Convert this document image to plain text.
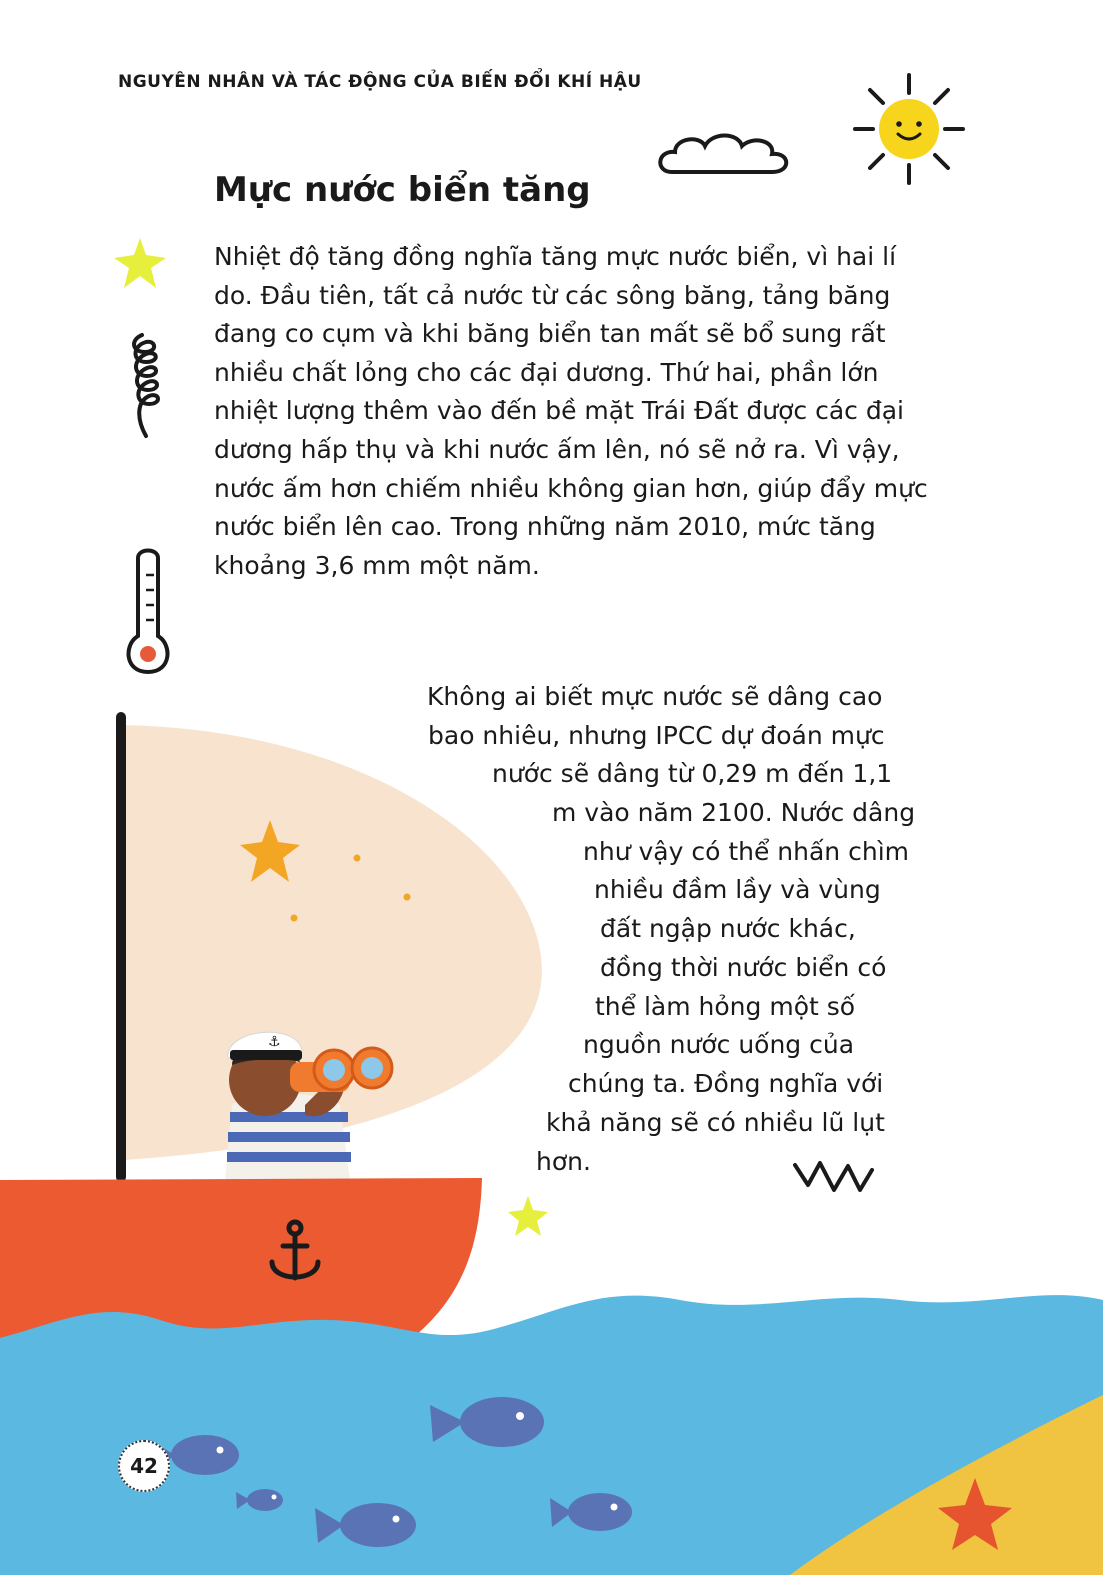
⚓
NGUYÊN NHÂN VÀ TÁC ĐỘNG CỦA BIẾN ĐỔI KHÍ HẬU
Mực nước biển tăng
Nhiệt độ tăng đồng nghĩa tăng mực nước biển, vì hai lí
do. Đầu tiên, tất cả nước từ các sông băng, tảng băng
đang co cụm và khi băng biển tan mất sẽ bổ sung rất
nhiều chất lỏng cho các đại dương. Thứ hai, phần lớn
nhiệt lượng thêm vào đến bề mặt Trái Đất được các đại
dương hấp thụ và khi nước ấm lên, nó sẽ nở ra. Vì vậy,
nước ấm hơn chiếm nhiều không gian hơn, giúp đẩy mực
nước biển lên cao. Trong những năm 2010, mức tăng
khoảng 3,6 mm một năm.
Không ai biết mực nước sẽ dâng cao
bao nhiêu, nhưng IPCC dự đoán mực
nước sẽ dâng từ 0,29 m đến 1,1
m vào năm 2100. Nước dâng
như vậy có thể nhấn chìm
nhiều đầm lầy và vùng
đất ngập nước khác,
đồng thời nước biển có
thể làm hỏng một số
nguồn nước uống của
chúng ta. Đồng nghĩa với
khả năng sẽ có nhiều lũ lụt
hơn.
42
